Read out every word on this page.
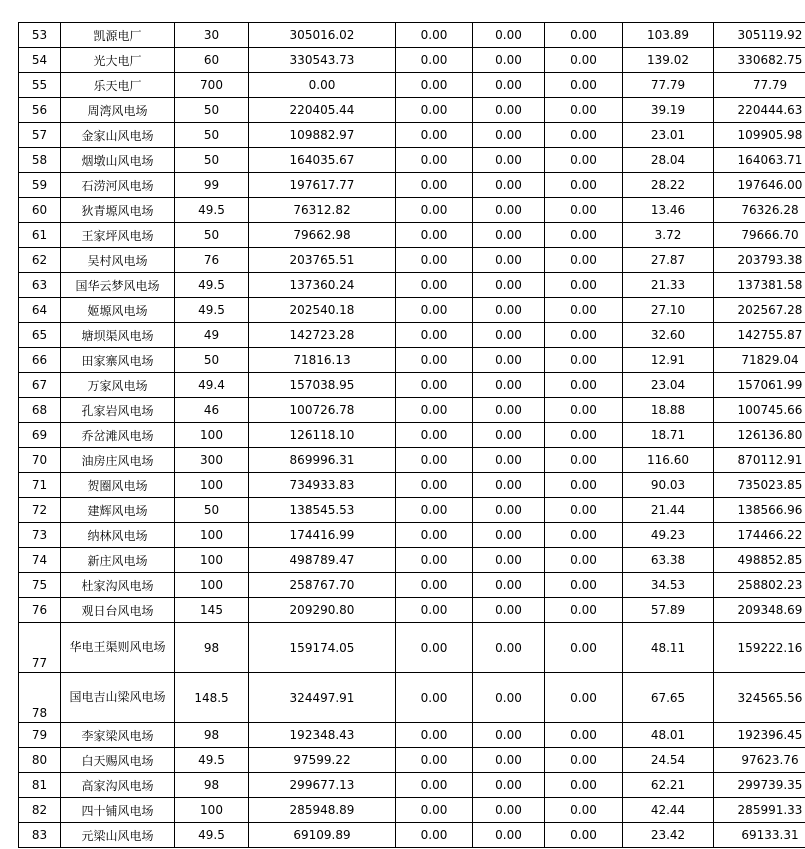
53	凯源电厂	30	305016.02	0.00	0.00	0.00	103.89	305119.92
54	光大电厂	60	330543.73	0.00	0.00	0.00	139.02	330682.75
55	乐天电厂	700	0.00	0.00	0.00	0.00	77.79	77.79
56	周湾风电场	50	220405.44	0.00	0.00	0.00	39.19	220444.63
57	金家山风电场	50	109882.97	0.00	0.00	0.00	23.01	109905.98
58	烟墩山风电场	50	164035.67	0.00	0.00	0.00	28.04	164063.71
59	石涝河风电场	99	197617.77	0.00	0.00	0.00	28.22	197646.00
60	狄青塬风电场	49.5	76312.82	0.00	0.00	0.00	13.46	76326.28
61	王家坪风电场	50	79662.98	0.00	0.00	0.00	3.72	79666.70
62	吴村风电场	76	203765.51	0.00	0.00	0.00	27.87	203793.38
63	国华云梦风电场	49.5	137360.24	0.00	0.00	0.00	21.33	137381.58
64	姬塬风电场	49.5	202540.18	0.00	0.00	0.00	27.10	202567.28
65	塘坝渠风电场	49	142723.28	0.00	0.00	0.00	32.60	142755.87
66	田家寨风电场	50	71816.13	0.00	0.00	0.00	12.91	71829.04
67	万家风电场	49.4	157038.95	0.00	0.00	0.00	23.04	157061.99
68	孔家岩风电场	46	100726.78	0.00	0.00	0.00	18.88	100745.66
69	乔岔滩风电场	100	126118.10	0.00	0.00	0.00	18.71	126136.80
70	油房庄风电场	300	869996.31	0.00	0.00	0.00	116.60	870112.91
71	贺圈风电场	100	734933.83	0.00	0.00	0.00	90.03	735023.85
72	建辉风电场	50	138545.53	0.00	0.00	0.00	21.44	138566.96
73	纳林风电场	100	174416.99	0.00	0.00	0.00	49.23	174466.22
74	新庄风电场	100	498789.47	0.00	0.00	0.00	63.38	498852.85
75	杜家沟风电场	100	258767.70	0.00	0.00	0.00	34.53	258802.23
76	观日台风电场	145	209290.80	0.00	0.00	0.00	57.89	209348.69
77	华电王渠则风电场	98	159174.05	0.00	0.00	0.00	48.11	159222.16
78	国电吉山梁风电场	148.5	324497.91	0.00	0.00	0.00	67.65	324565.56
79	李家梁风电场	98	192348.43	0.00	0.00	0.00	48.01	192396.45
80	白天赐风电场	49.5	97599.22	0.00	0.00	0.00	24.54	97623.76
81	高家沟风电场	98	299677.13	0.00	0.00	0.00	62.21	299739.35
82	四十铺风电场	100	285948.89	0.00	0.00	0.00	42.44	285991.33
83	元梁山风电场	49.5	69109.89	0.00	0.00	0.00	23.42	69133.31
